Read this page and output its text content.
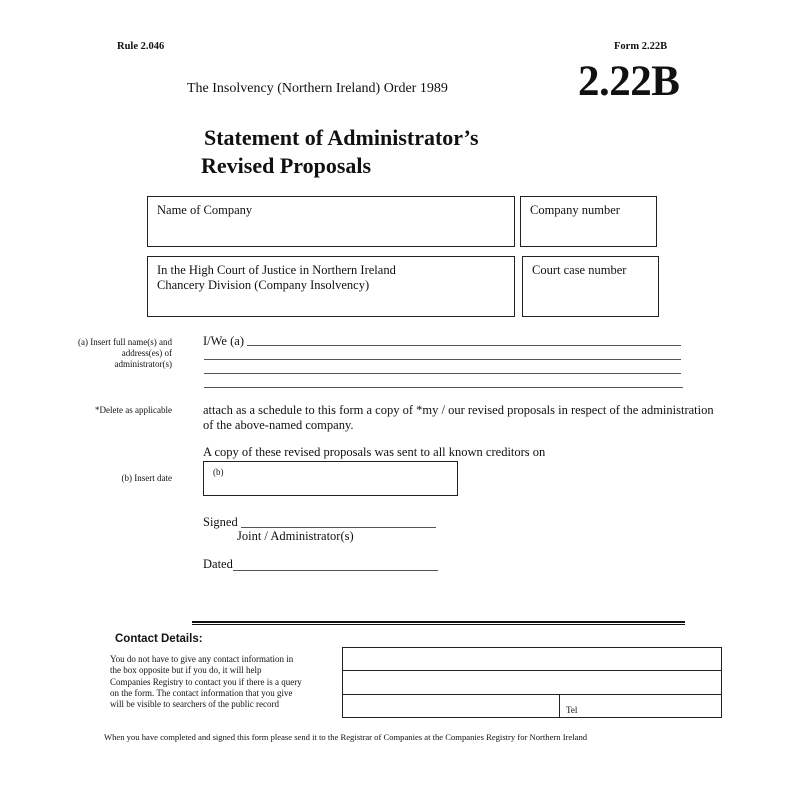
Rule 2.046	Form 2.22B
2.22B
The Insolvency (Northern Ireland) Order 1989
Statement of Administrator’s
Revised Proposals
Name of Company	Company number
In the High Court of Justice in Northern Ireland
Chancery Division (Company Insolvency)
Court case number
(a) Insert full name(s) and
address(es) of
administrator(s)
*Delete as applicable
(b) Insert date
I/We (a)
attach as a schedule to this form a copy of *my / our revised proposals in respect of the administration
of the above-named company.
A copy of these revised proposals was sent to all known creditors on
(b)
Signed
Joint / Administrator(s)
Dated
Contact Details:
You do not have to give any contact information in
the box opposite but if you do, it will help
Companies Registry to contact you if there is a query
on the form. The contact information that you give
will be visible to searchers of the public record
Tel
When you have completed and signed this form please send it to the Registrar of Companies at the Companies Registry for Northern Ireland
